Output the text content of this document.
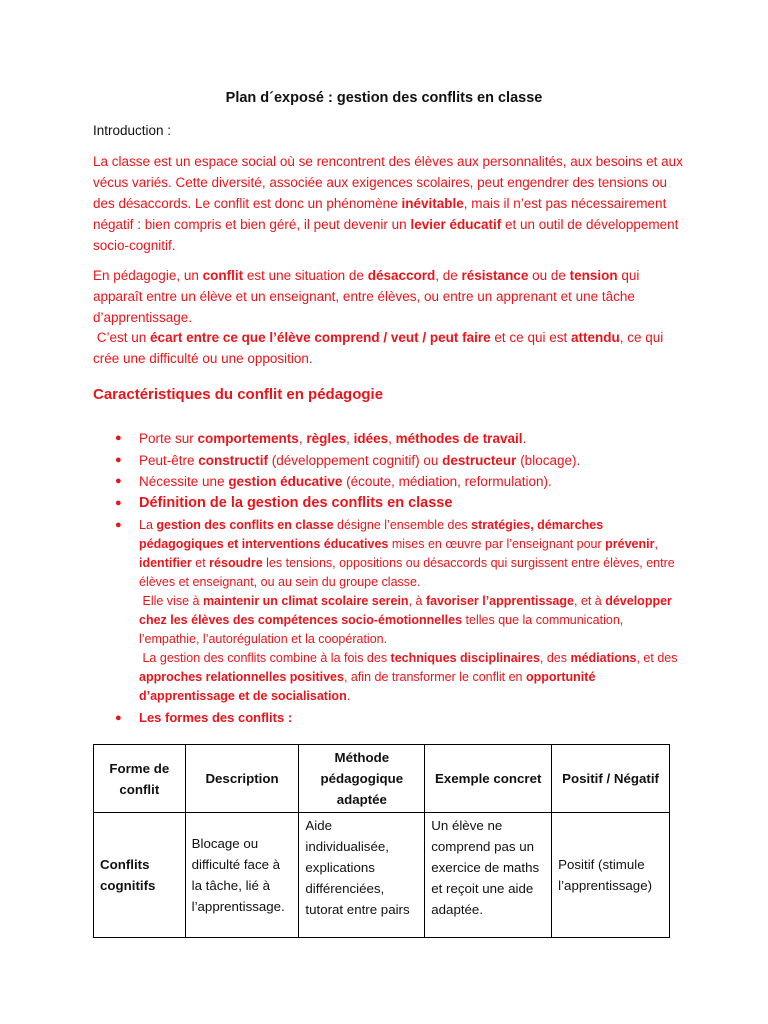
Plan d´exposé : gestion des conflits en classe
Introduction :
La classe est un espace social où se rencontrent des élèves aux personnalités, aux besoins et aux vécus variés. Cette diversité, associée aux exigences scolaires, peut engendrer des tensions ou des désaccords. Le conflit est donc un phénomène inévitable, mais il n’est pas nécessairement négatif : bien compris et bien géré, il peut devenir un levier éducatif et un outil de développement socio-cognitif.
En pédagogie, un conflit est une situation de désaccord, de résistance ou de tension qui apparaît entre un élève et un enseignant, entre élèves, ou entre un apprenant et une tâche d’apprentissage.
C’est un écart entre ce que l’élève comprend / veut / peut faire et ce qui est attendu, ce qui crée une difficulté ou une opposition.
Caractéristiques du conflit en pédagogie
● Porte sur comportements, règles, idées, méthodes de travail.
● Peut-être constructif (développement cognitif) ou destructeur (blocage).
● Nécessite une gestion éducative (écoute, médiation, reformulation).
● Définition de la gestion des conflits en classe
● La gestion des conflits en classe désigne l’ensemble des stratégies, démarches pédagogiques et interventions éducatives mises en œuvre par l’enseignant pour prévenir, identifier et résoudre les tensions, oppositions ou désaccords qui surgissent entre élèves, entre élèves et enseignant, ou au sein du groupe classe.
Elle vise à maintenir un climat scolaire serein, à favoriser l’apprentissage, et à développer chez les élèves des compétences socio-émotionnelles telles que la communication, l’empathie, l’autorégulation et la coopération.
La gestion des conflits combine à la fois des techniques disciplinaires, des médiations, et des approches relationnelles positives, afin de transformer le conflit en opportunité d’apprentissage et de socialisation.
● Les formes des conflits :
Forme de conflit	Description	Méthode pédagogique adaptée	Exemple concret	Positif / Négatif
Conflits cognitifs	Blocage ou difficulté face à la tâche, lié à l’apprentissage.	Aide individualisée, explications différenciées, tutorat entre pairs	Un élève ne comprend pas un exercice de maths et reçoit une aide adaptée.	Positif (stimule l’apprentissage)
